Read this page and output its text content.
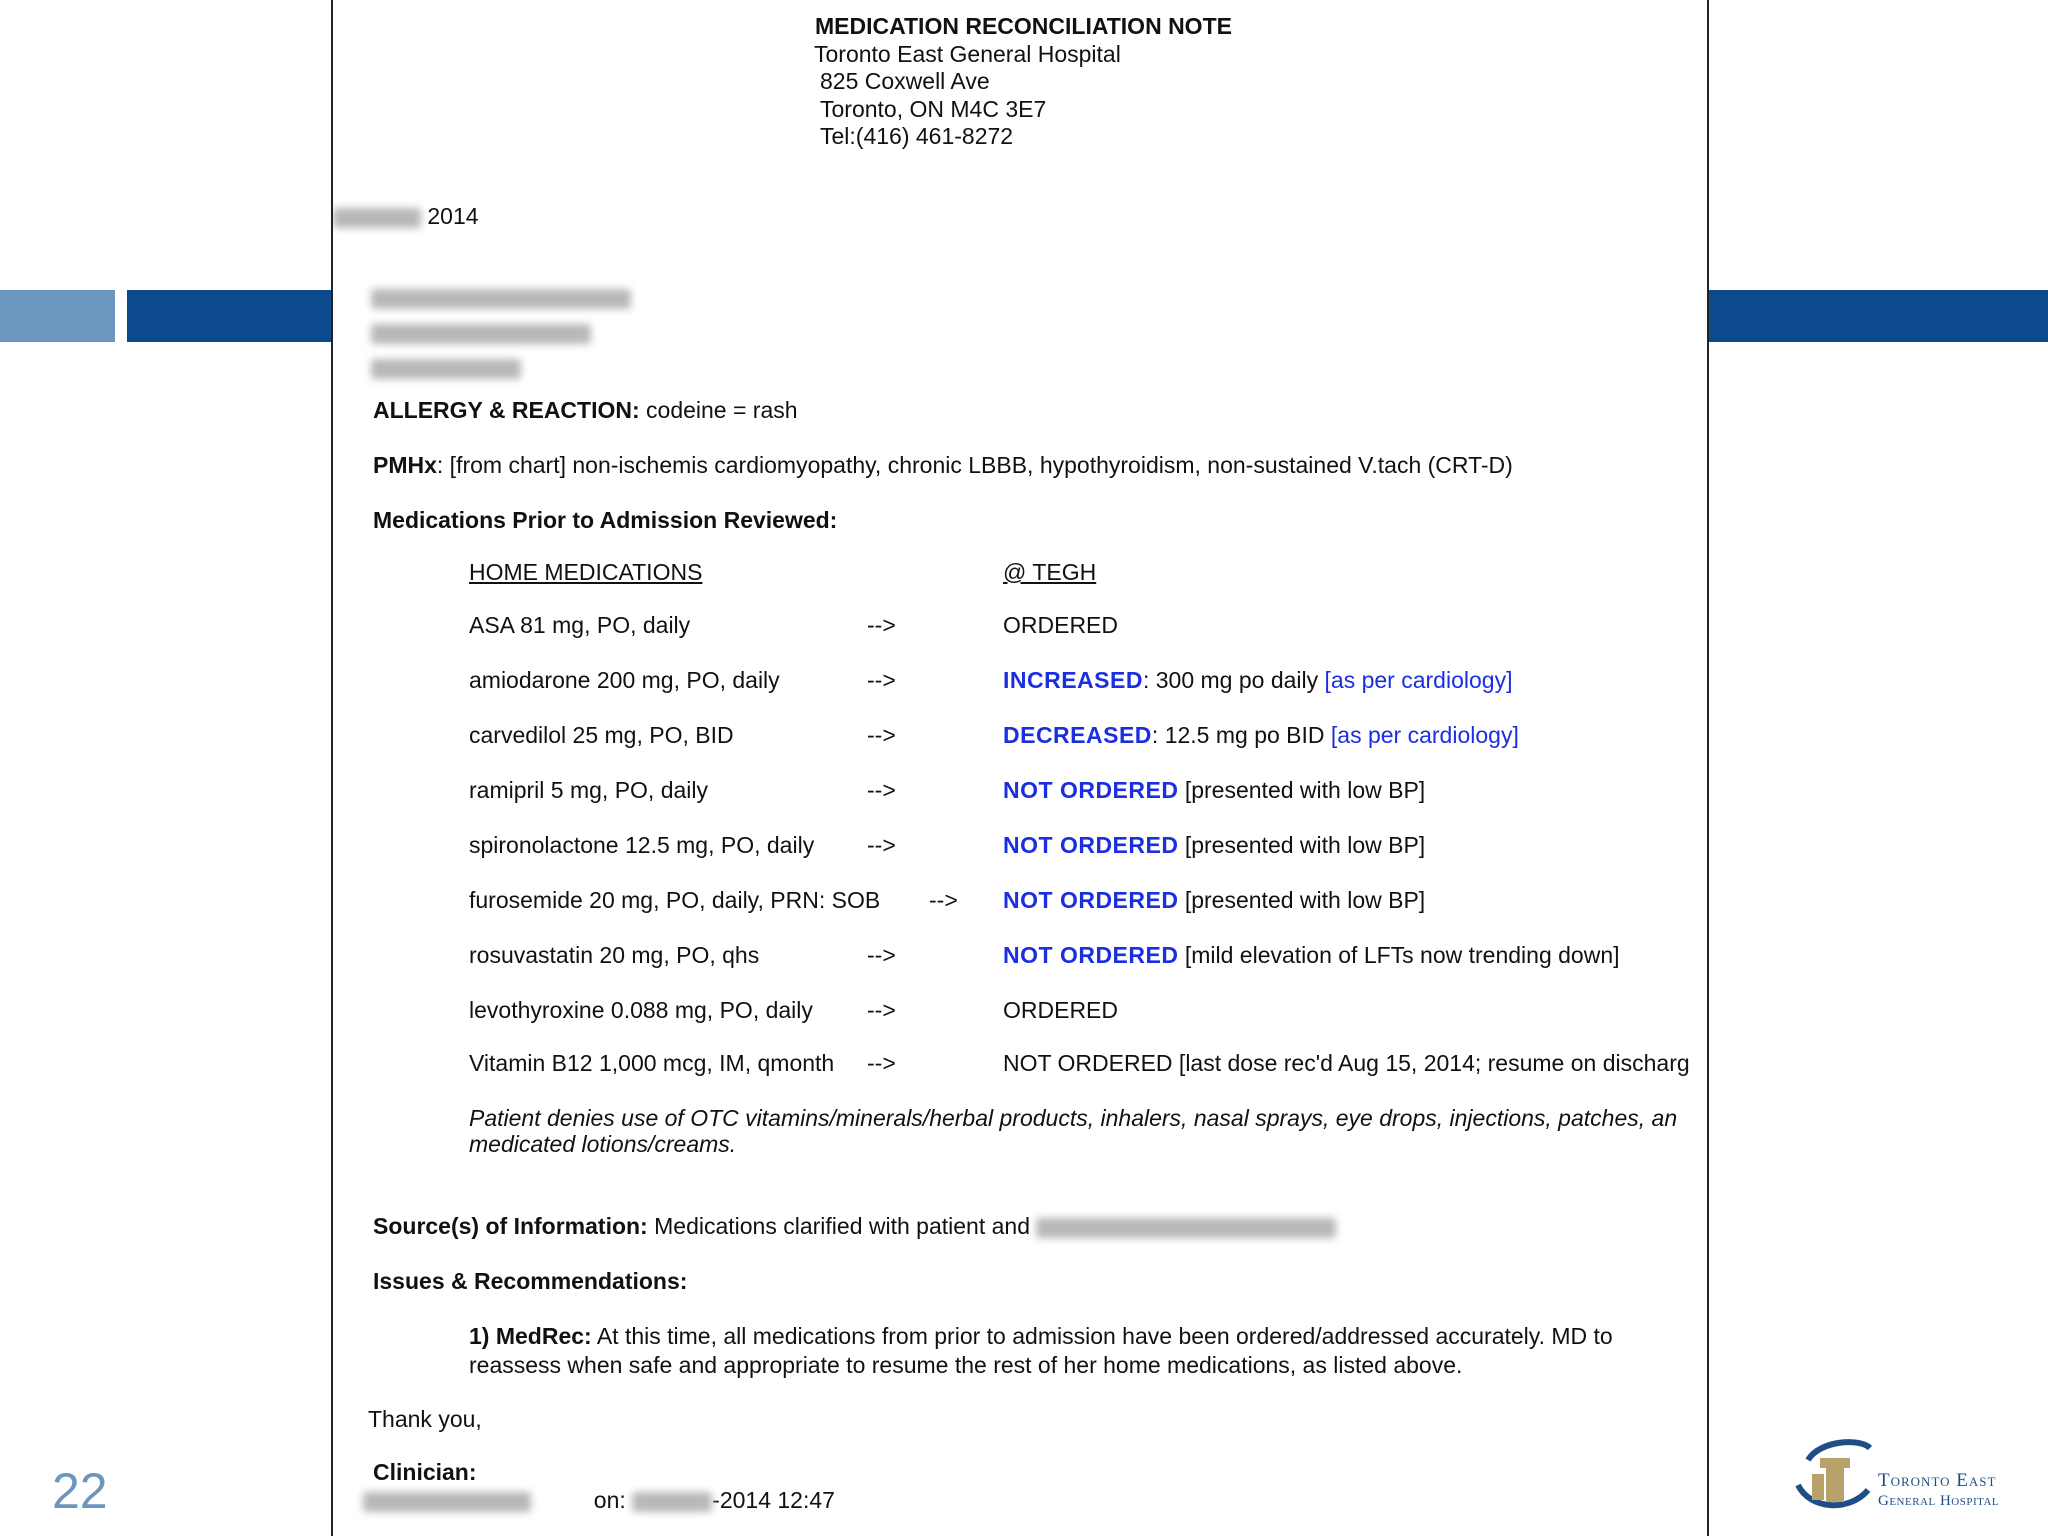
22	Toronto East
General Hospital
MEDICATION RECONCILIATION NOTE
Toronto East General Hospital
825 Coxwell Ave
Toronto, ON M4C 3E7
Tel:(416) 461-8272
2014
ALLERGY & REACTION: codeine = rash
PMHx: [from chart] non-ischemis cardiomyopathy, chronic LBBB, hypothyroidism, non-sustained V.tach (CRT-D)
Medications Prior to Admission Reviewed:
HOME MEDICATIONS	@ TEGH
ASA 81 mg, PO, daily	-->	ORDERED
amiodarone 200 mg, PO, daily	-->	INCREASED: 300 mg po daily [as per cardiology]
carvedilol 25 mg, PO, BID	-->	DECREASED: 12.5 mg po BID [as per cardiology]
ramipril 5 mg, PO, daily	-->	NOT ORDERED [presented with low BP]
spironolactone 12.5 mg, PO, daily -->	NOT ORDERED [presented with low BP]
furosemide 20 mg, PO, daily, PRN: SOB --> NOT ORDERED [presented with low BP]
rosuvastatin 20 mg, PO, qhs	-->	NOT ORDERED [mild elevation of LFTs now trending down]
levothyroxine 0.088 mg, PO, daily -->	ORDERED
Vitamin B12 1,000 mcg, IM, qmonth -->	NOT ORDERED [last dose rec'd Aug 15, 2014; resume on discharg
Patient denies use of OTC vitamins/minerals/herbal products, inhalers, nasal sprays, eye drops, injections, patches, an
medicated lotions/creams.
Source(s) of Information: Medications clarified with patient and
Issues & Recommendations:
1) MedRec: At this time, all medications from prior to admission have been ordered/addressed accurately. MD to
reassess when safe and appropriate to resume the rest of her home medications, as listed above.
Thank you,
Clinician:
on:	-2014 12:47
